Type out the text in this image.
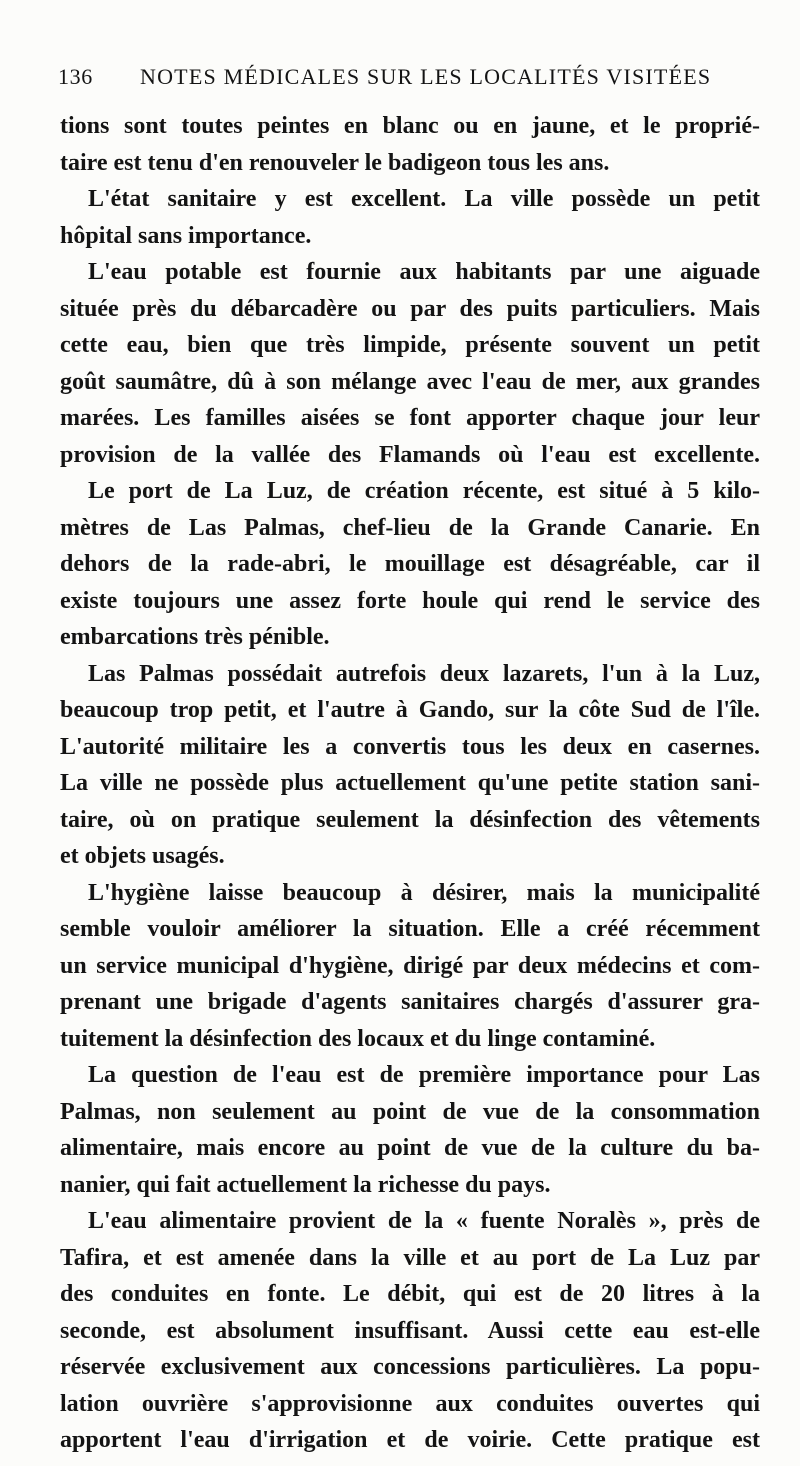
136	NOTES MÉDICALES SUR LES LOCALITÉS VISITÉES
tions sont toutes peintes en blanc ou en jaune, et le proprié-
taire est tenu d'en renouveler le badigeon tous les ans.
L'état sanitaire y est excellent. La ville possède un petit
hôpital sans importance.
L'eau potable est fournie aux habitants par une aiguade
située près du débarcadère ou par des puits particuliers. Mais
cette eau, bien que très limpide, présente souvent un petit
goût saumâtre, dû à son mélange avec l'eau de mer, aux grandes
marées. Les familles aisées se font apporter chaque jour leur
provision de la vallée des Flamands où l'eau est excellente.
Le port de La Luz, de création récente, est situé à 5 kilo-
mètres de Las Palmas, chef-lieu de la Grande Canarie. En
dehors de la rade-abri, le mouillage est désagréable, car il
existe toujours une assez forte houle qui rend le service des
embarcations très pénible.
Las Palmas possédait autrefois deux lazarets, l'un à la Luz,
beaucoup trop petit, et l'autre à Gando, sur la côte Sud de l'île.
L'autorité militaire les a convertis tous les deux en casernes.
La ville ne possède plus actuellement qu'une petite station sani-
taire, où on pratique seulement la désinfection des vêtements
et objets usagés.
L'hygiène laisse beaucoup à désirer, mais la municipalité
semble vouloir améliorer la situation. Elle a créé récemment
un service municipal d'hygiène, dirigé par deux médecins et com-
prenant une brigade d'agents sanitaires chargés d'assurer gra-
tuitement la désinfection des locaux et du linge contaminé.
La question de l'eau est de première importance pour Las
Palmas, non seulement au point de vue de la consommation
alimentaire, mais encore au point de vue de la culture du ba-
nanier, qui fait actuellement la richesse du pays.
L'eau alimentaire provient de la « fuente Noralès », près de
Tafira, et est amenée dans la ville et au port de La Luz par
des conduites en fonte. Le débit, qui est de 20 litres à la
seconde, est absolument insuffisant. Aussi cette eau est-elle
réservée exclusivement aux concessions particulières. La popu-
lation ouvrière s'approvisionne aux conduites ouvertes qui
apportent l'eau d'irrigation et de voirie. Cette pratique est
